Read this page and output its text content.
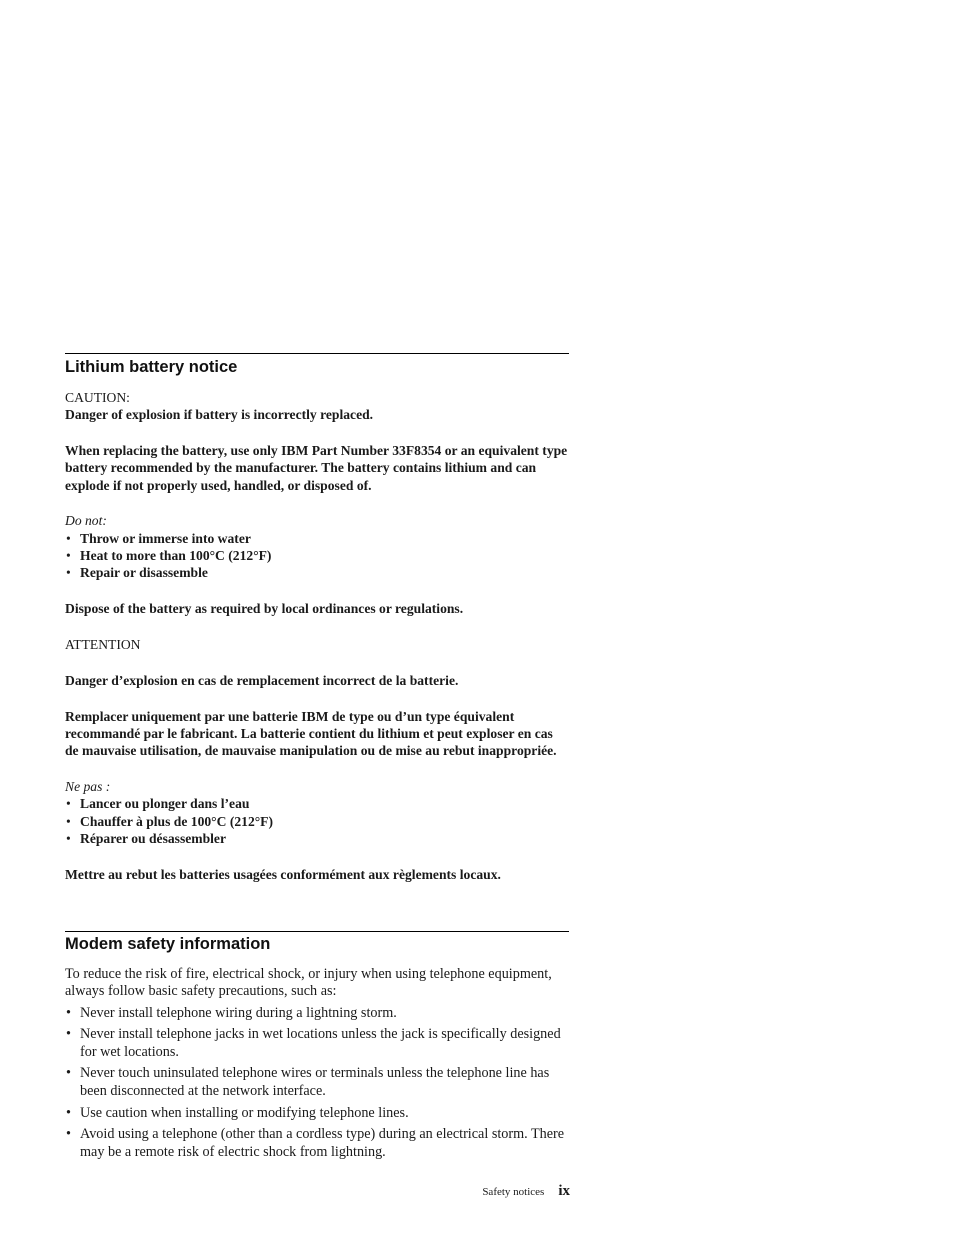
Lithium battery notice

CAUTION:

Danger of explosion if battery is incorrectly replaced.

When replacing the battery, use only IBM Part Number 33F8354 or an equivalent type battery recommended by the manufacturer. The battery contains lithium and can explode if not properly used, handled, or disposed of.

Do not:

• Throw or immerse into water
• Heat to more than 100°C (212°F)
• Repair or disassemble

Dispose of the battery as required by local ordinances or regulations.

ATTENTION

Danger d’explosion en cas de remplacement incorrect de la batterie.

Remplacer uniquement par une batterie IBM de type ou d’un type équivalent recommandé par le fabricant. La batterie contient du lithium et peut exploser en cas de mauvaise utilisation, de mauvaise manipulation ou de mise au rebut inappropriée.

Ne pas :

• Lancer ou plonger dans l’eau
• Chauffer à plus de 100°C (212°F)
• Réparer ou désassembler

Mettre au rebut les batteries usagées conformément aux règlements locaux.

Modem safety information

To reduce the risk of fire, electrical shock, or injury when using telephone equipment, always follow basic safety precautions, such as:

• Never install telephone wiring during a lightning storm.
• Never install telephone jacks in wet locations unless the jack is specifically designed for wet locations.
• Never touch uninsulated telephone wires or terminals unless the telephone line has been disconnected at the network interface.
• Use caution when installing or modifying telephone lines.
• Avoid using a telephone (other than a cordless type) during an electrical storm. There may be a remote risk of electric shock from lightning.
Safety notices ix
